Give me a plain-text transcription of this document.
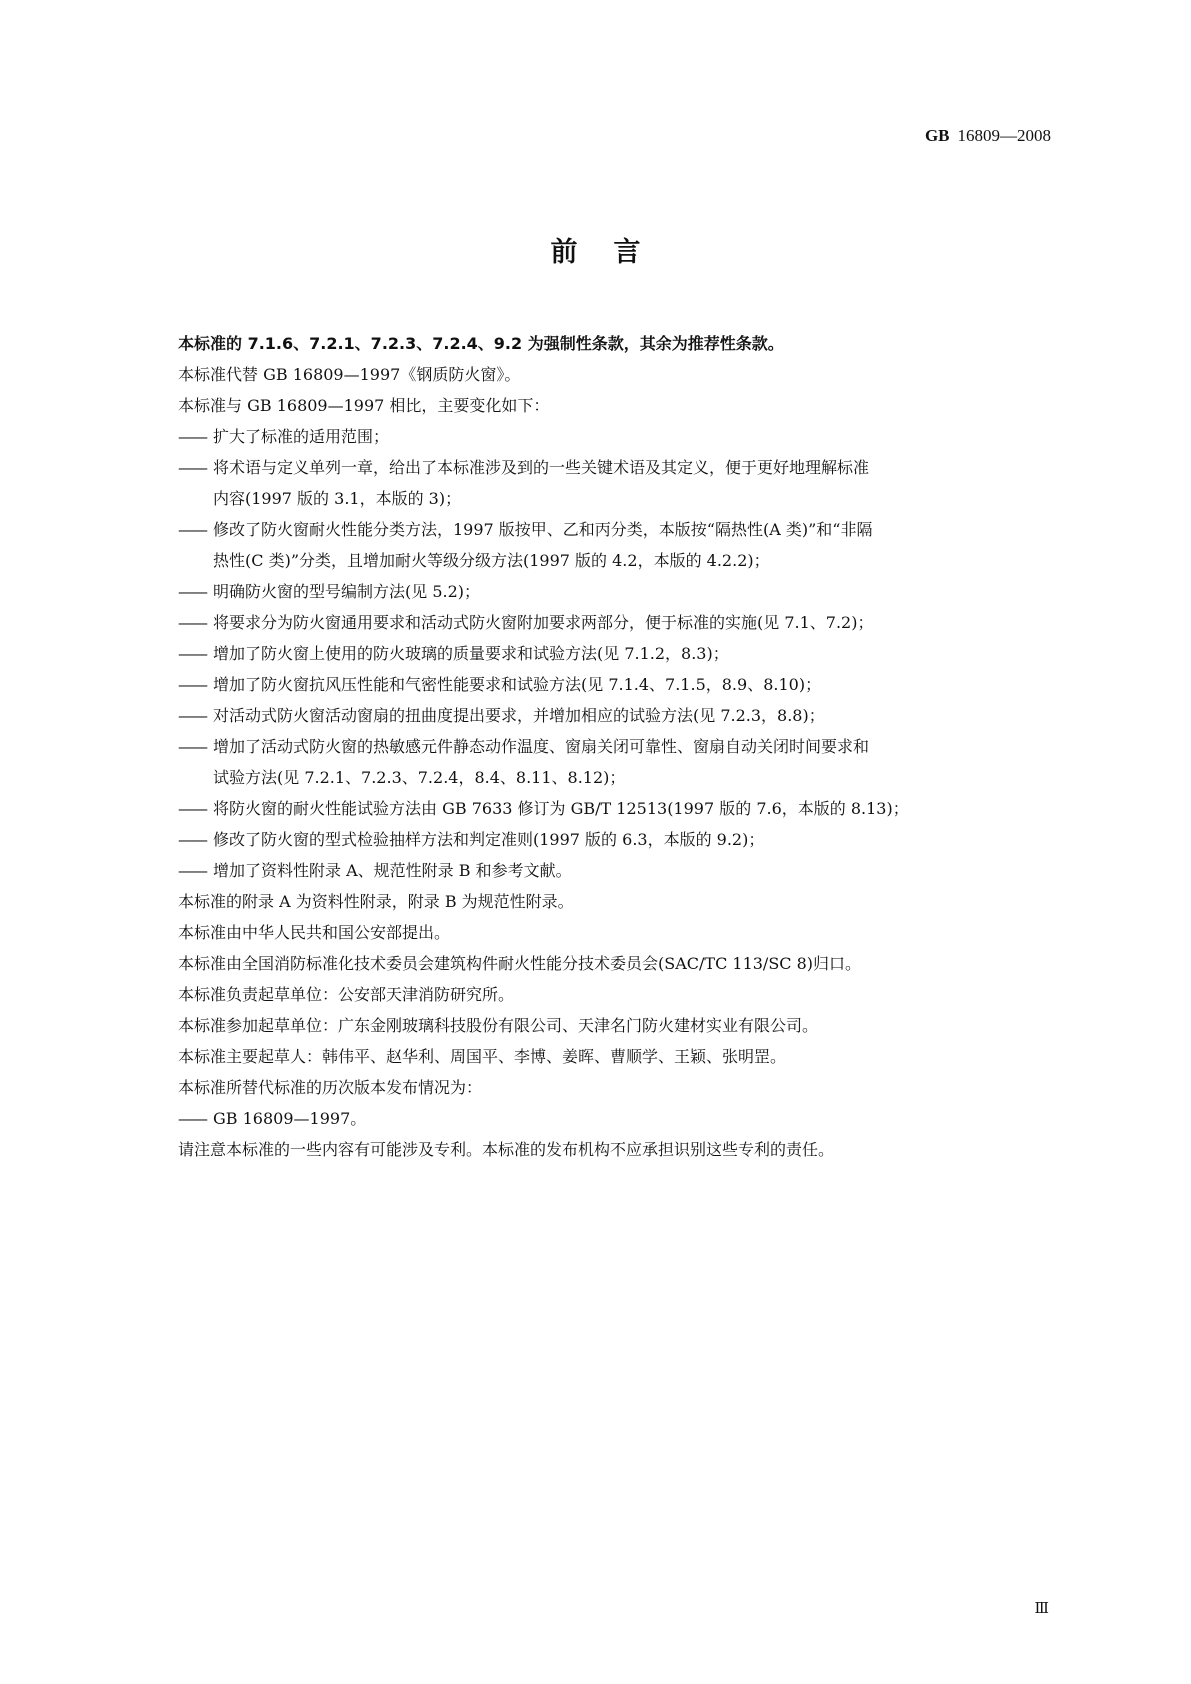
GB 16809—2008
前言

本标准的 7.1.6、7.2.1、7.2.3、7.2.4、9.2 为强制性条款，其余为推荐性条款。

本标准代替 GB 16809—1997《钢质防火窗》。

本标准与 GB 16809—1997 相比，主要变化如下：

—— 扩大了标准的适用范围；
—— 将术语与定义单列一章，给出了本标准涉及到的一些关键术语及其定义，便于更好地理解标准
内容(1997 版的 3.1，本版的 3)；
—— 修改了防火窗耐火性能分类方法，1997 版按甲、乙和丙分类，本版按“隔热性(A 类)”和“非隔
热性(C 类)”分类，且增加耐火等级分级方法(1997 版的 4.2，本版的 4.2.2)；
—— 明确防火窗的型号编制方法(见 5.2)；
—— 将要求分为防火窗通用要求和活动式防火窗附加要求两部分，便于标准的实施(见 7.1、7.2)；
—— 增加了防火窗上使用的防火玻璃的质量要求和试验方法(见 7.1.2，8.3)；
—— 增加了防火窗抗风压性能和气密性能要求和试验方法(见 7.1.4、7.1.5，8.9、8.10)；
—— 对活动式防火窗活动窗扇的扭曲度提出要求，并增加相应的试验方法(见 7.2.3，8.8)；
—— 增加了活动式防火窗的热敏感元件静态动作温度、窗扇关闭可靠性、窗扇自动关闭时间要求和
试验方法(见 7.2.1、7.2.3、7.2.4，8.4、8.11、8.12)；
—— 将防火窗的耐火性能试验方法由 GB 7633 修订为 GB/T 12513(1997 版的 7.6，本版的 8.13)；
—— 修改了防火窗的型式检验抽样方法和判定准则(1997 版的 6.3，本版的 9.2)；
—— 增加了资料性附录 A、规范性附录 B 和参考文献。

本标准的附录 A 为资料性附录，附录 B 为规范性附录。

本标准由中华人民共和国公安部提出。

本标准由全国消防标准化技术委员会建筑构件耐火性能分技术委员会(SAC/TC 113/SC 8)归口。

本标准负责起草单位：公安部天津消防研究所。

本标准参加起草单位：广东金刚玻璃科技股份有限公司、天津名门防火建材实业有限公司。

本标准主要起草人：韩伟平、赵华利、周国平、李博、姜晖、曹顺学、王颖、张明罡。

本标准所替代标准的历次版本发布情况为：

—— GB 16809—1997。

请注意本标准的一些内容有可能涉及专利。本标准的发布机构不应承担识别这些专利的责任。

Ⅲ
